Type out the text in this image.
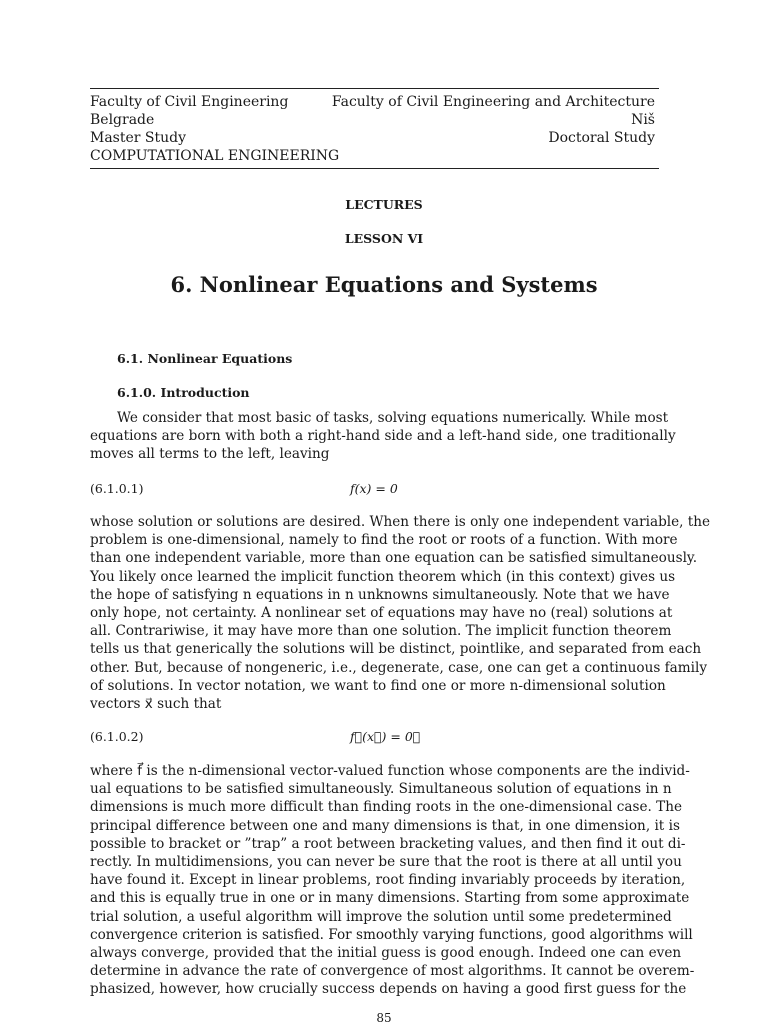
Faculty of Civil Engineering
Belgrade
Master Study
COMPUTATIONAL ENGINEERING
Faculty of Civil Engineering and Architecture
Niš
Doctoral Study
LECTURES
LESSON VI
6. Nonlinear Equations and Systems
6.1. Nonlinear Equations
6.1.0. Introduction
We consider that most basic of tasks, solving equations numerically. While most
equations are born with both a right-hand side and a left-hand side, one traditionally
moves all terms to the left, leaving
(6.1.0.1)	f(x) = 0
whose solution or solutions are desired. When there is only one independent variable, the
problem is one-dimensional, namely to find the root or roots of a function. With more
than one independent variable, more than one equation can be satisfied simultaneously.
You likely once learned the implicit function theorem which (in this context) gives us
the hope of satisfying n equations in n unknowns simultaneously. Note that we have
only hope, not certainty. A nonlinear set of equations may have no (real) solutions at
all. Contrariwise, it may have more than one solution. The implicit function theorem
tells us that generically the solutions will be distinct, pointlike, and separated from each
other. But, because of nongeneric, i.e., degenerate, case, one can get a continuous family
of solutions. In vector notation, we want to find one or more n-dimensional solution
vectors x⃗ such that
(6.1.0.2)	f⃗(x⃗) = 0⃗
where f⃗ is the n-dimensional vector-valued function whose components are the individ-
ual equations to be satisfied simultaneously. Simultaneous solution of equations in n
dimensions is much more difficult than finding roots in the one-dimensional case. The
principal difference between one and many dimensions is that, in one dimension, it is
possible to bracket or ”trap” a root between bracketing values, and then find it out di-
rectly. In multidimensions, you can never be sure that the root is there at all until you
have found it. Except in linear problems, root finding invariably proceeds by iteration,
and this is equally true in one or in many dimensions. Starting from some approximate
trial solution, a useful algorithm will improve the solution until some predetermined
convergence criterion is satisfied. For smoothly varying functions, good algorithms will
always converge, provided that the initial guess is good enough. Indeed one can even
determine in advance the rate of convergence of most algorithms. It cannot be overem-
phasized, however, how crucially success depends on having a good first guess for the
85
